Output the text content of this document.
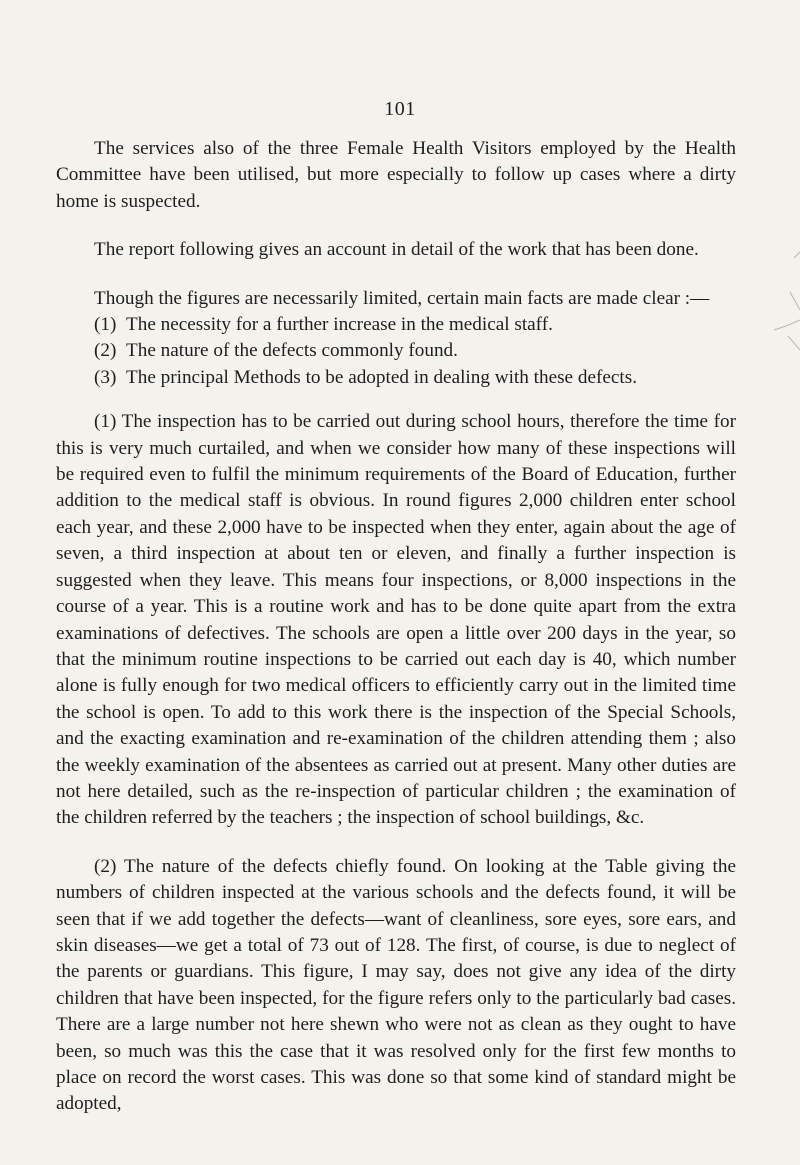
101

The services also of the three Female Health Visitors employed by the Health Committee have been utilised, but more especially to follow up cases where a dirty home is suspected.

The report following gives an account in detail of the work that has been done.

Though the figures are necessarily limited, certain main facts are made clear :—

(1) The necessity for a further increase in the medical staff.
(2) The nature of the defects commonly found.
(3) The principal Methods to be adopted in dealing with these defects.

(1) The inspection has to be carried out during school hours, therefore the time for this is very much curtailed, and when we consider how many of these inspections will be required even to fulfil the minimum requirements of the Board of Education, further addition to the medical staff is obvious. In round figures 2,000 children enter school each year, and these 2,000 have to be inspected when they enter, again about the age of seven, a third inspection at about ten or eleven, and finally a further inspection is suggested when they leave. This means four inspections, or 8,000 inspections in the course of a year. This is a routine work and has to be done quite apart from the extra examinations of defectives. The schools are open a little over 200 days in the year, so that the minimum routine inspections to be carried out each day is 40, which number alone is fully enough for two medical officers to efficiently carry out in the limited time the school is open. To add to this work there is the inspection of the Special Schools, and the exacting examination and re-examination of the children attending them ; also the weekly examination of the absentees as carried out at present. Many other duties are not here detailed, such as the re-inspection of particular children ; the examination of the children referred by the teachers ; the inspection of school buildings, &c.

(2) The nature of the defects chiefly found. On looking at the Table giving the numbers of children inspected at the various schools and the defects found, it will be seen that if we add together the defects—want of cleanliness, sore eyes, sore ears, and skin diseases—we get a total of 73 out of 128. The first, of course, is due to neglect of the parents or guardians. This figure, I may say, does not give any idea of the dirty children that have been inspected, for the figure refers only to the particularly bad cases. There are a large number not here shewn who were not as clean as they ought to have been, so much was this the case that it was resolved only for the first few months to place on record the worst cases. This was done so that some kind of standard might be adopted,
